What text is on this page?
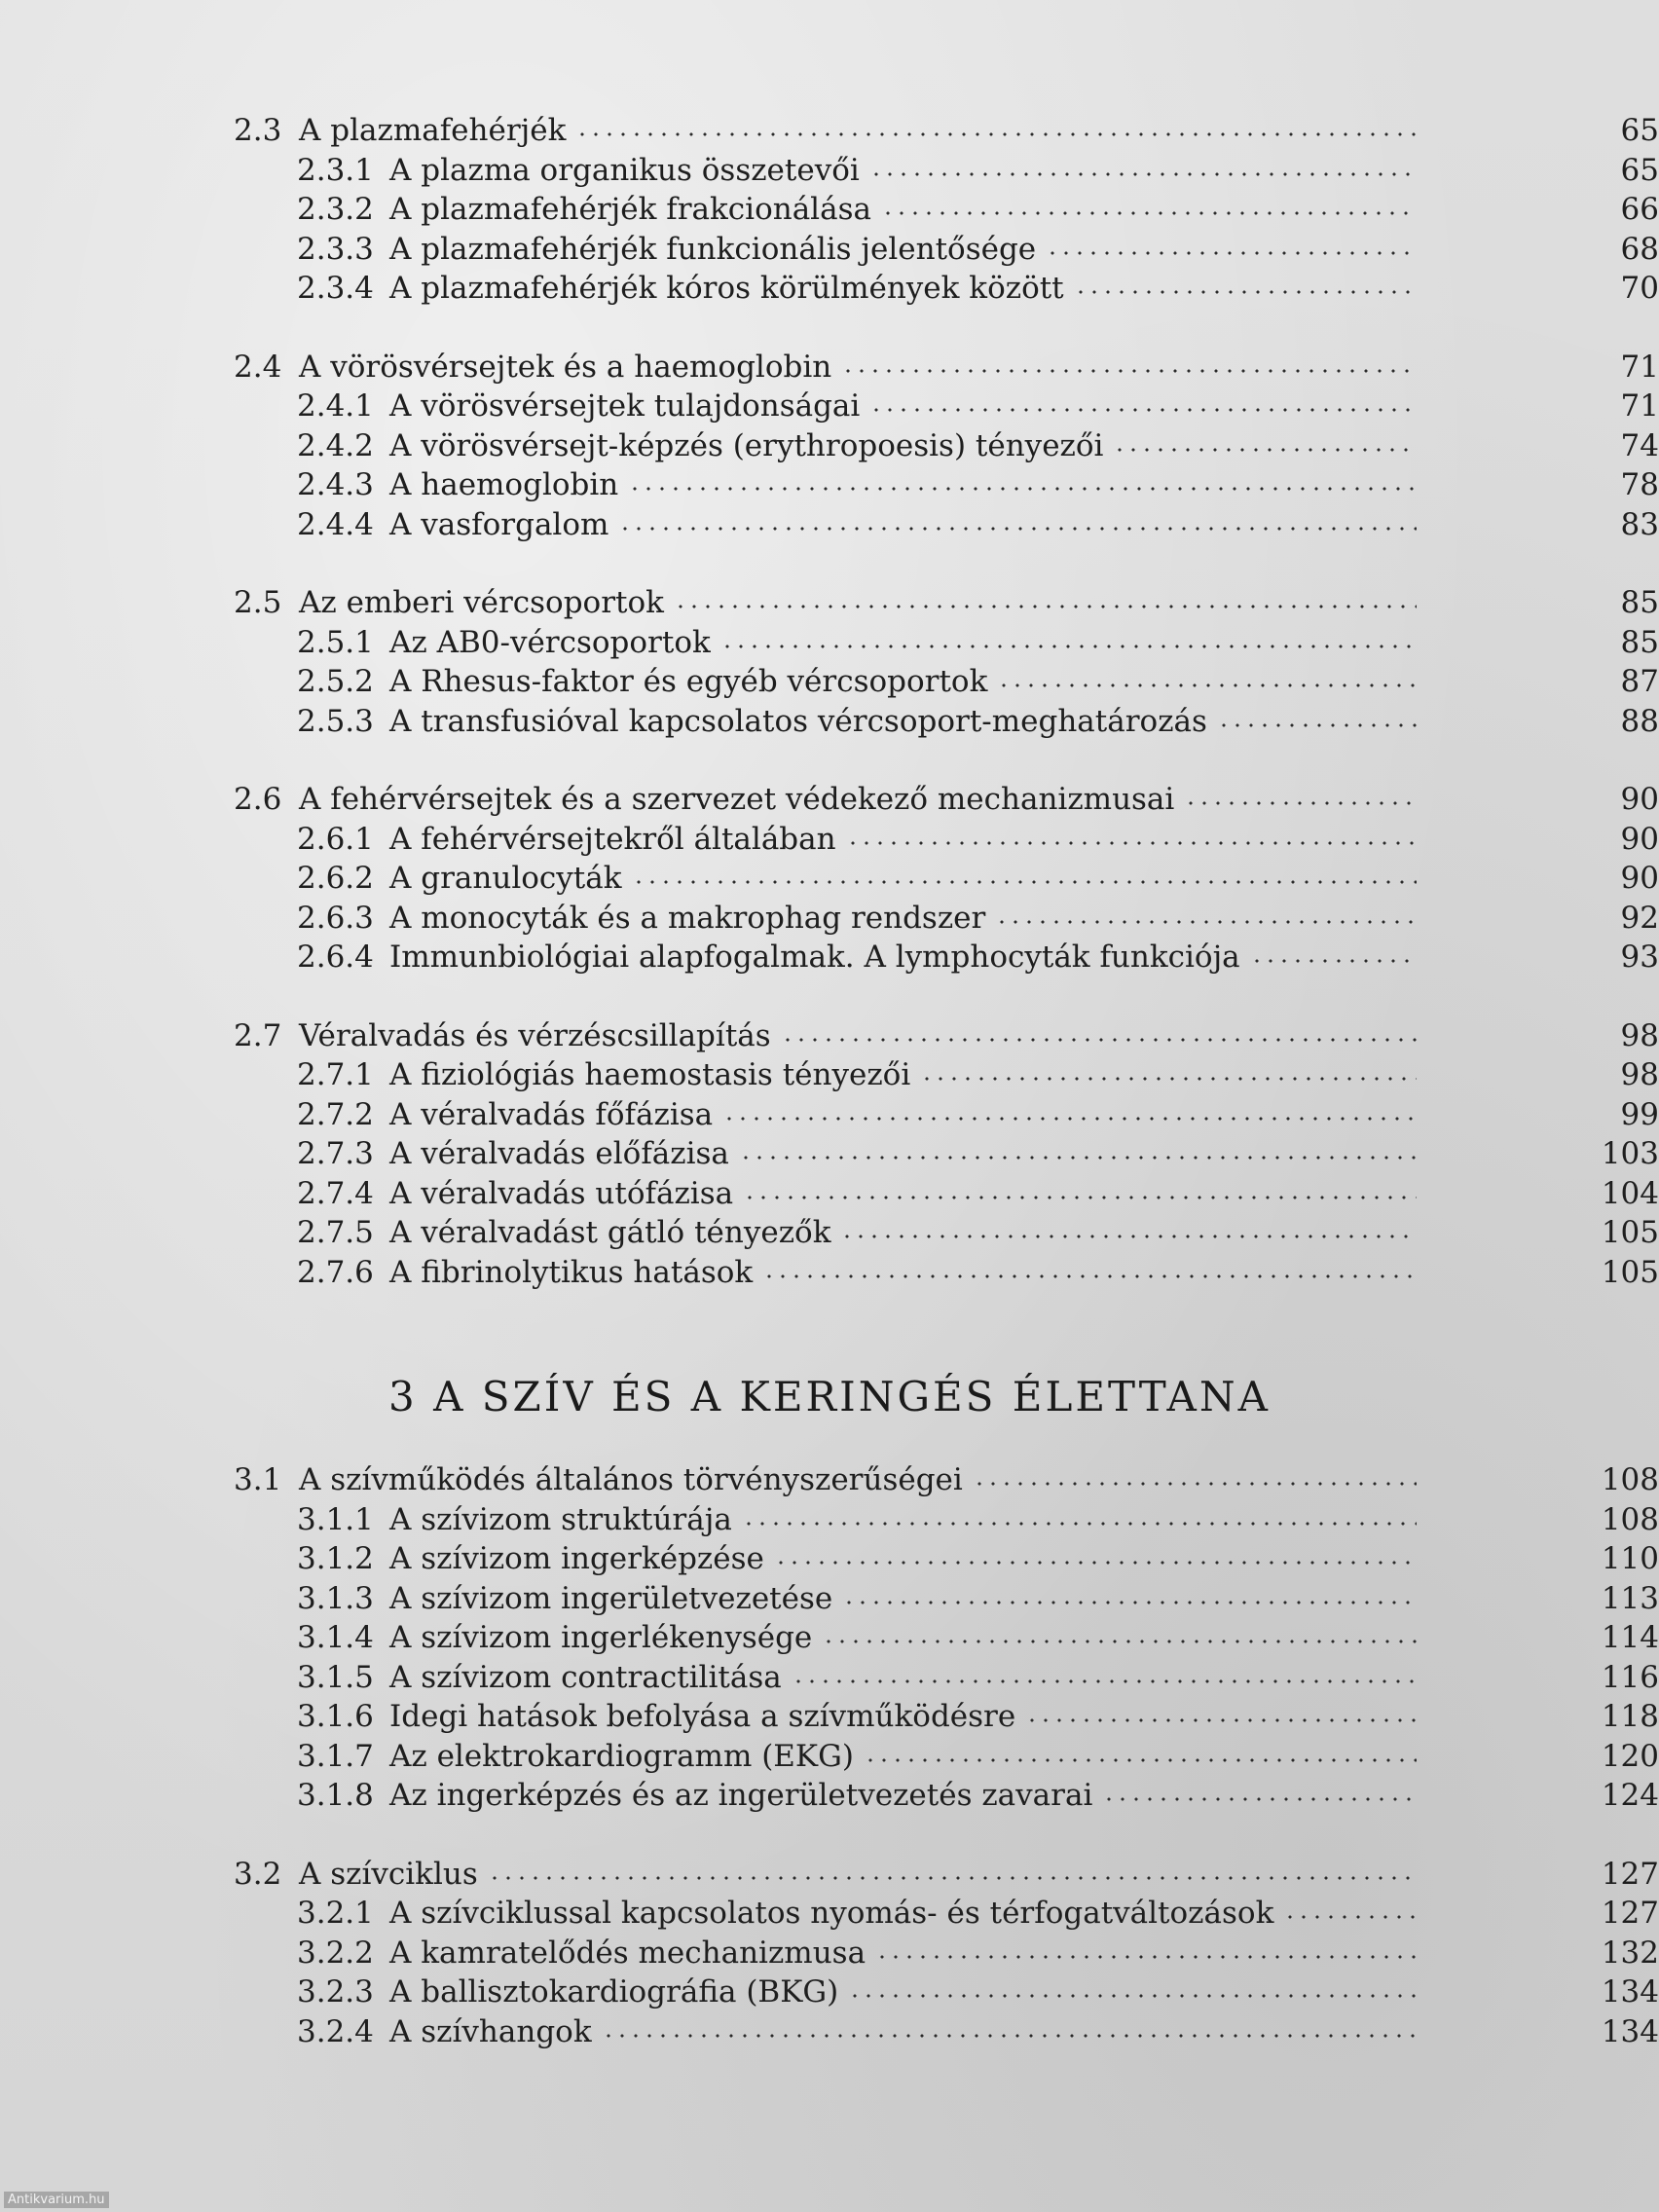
2.3 A plazmafehérjék	65
2.3.1 A plazma organikus összetevői	65
2.3.2 A plazmafehérjék frakcionálása	66
2.3.3 A plazmafehérjék funkcionális jelentősége	68
2.3.4 A plazmafehérjék kóros körülmények között	70
2.4 A vörösvérsejtek és a haemoglobin	71
2.4.1 A vörösvérsejtek tulajdonságai	71
2.4.2 A vörösvérsejt-képzés (erythropoesis) tényezői	74
2.4.3 A haemoglobin	78
2.4.4 A vasforgalom	83
2.5 Az emberi vércsoportok	85
2.5.1 Az AB0-vércsoportok	85
2.5.2 A Rhesus-faktor és egyéb vércsoportok	87
2.5.3 A transfusióval kapcsolatos vércsoport-meghatározás	88
2.6 A fehérvérsejtek és a szervezet védekező mechanizmusai	90
2.6.1 A fehérvérsejtekről általában	90
2.6.2 A granulocyták	90
2.6.3 A monocyták és a makrophag rendszer	92
2.6.4 Immunbiológiai alapfogalmak. A lymphocyták funkciója	93
2.7 Véralvadás és vérzéscsillapítás	98
2.7.1 A fiziológiás haemostasis tényezői	98
2.7.2 A véralvadás főfázisa	99
2.7.3 A véralvadás előfázisa	103
2.7.4 A véralvadás utófázisa	104
2.7.5 A véralvadást gátló tényezők	105
2.7.6 A fibrinolytikus hatások	105
3 A SZÍV ÉS A KERINGÉS ÉLETTANA
3.1 A szívműködés általános törvényszerűségei	108
3.1.1 A szívizom struktúrája	108
3.1.2 A szívizom ingerképzése	110
3.1.3 A szívizom ingerületvezetése	113
3.1.4 A szívizom ingerlékenysége	114
3.1.5 A szívizom contractilitása	116
3.1.6 Idegi hatások befolyása a szívműködésre	118
3.1.7 Az elektrokardiogramm (EKG)	120
3.1.8 Az ingerképzés és az ingerületvezetés zavarai	124
3.2 A szívciklus	127
3.2.1 A szívciklussal kapcsolatos nyomás- és térfogatváltozások	127
3.2.2 A kamratelődés mechanizmusa	132
3.2.3 A ballisztokardiográfia (BKG)	134
3.2.4 A szívhangok	134
Antikvarium.hu
